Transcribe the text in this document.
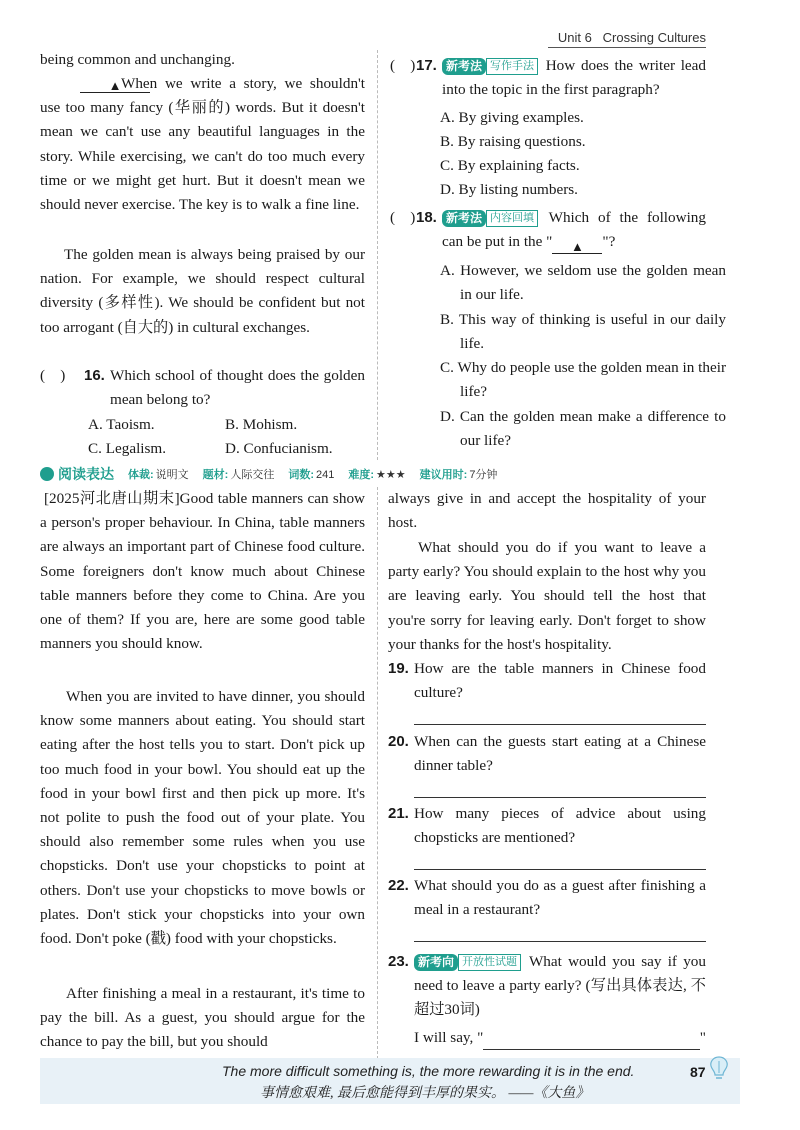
Unit 6 Crossing Cultures
being common and unchanging.
▲ When we write a story, we shouldn't use too many fancy (华丽的) words. But it doesn't mean we can't use any beautiful languages in the story. While exercising, we can't do too much every time or we might get hurt. But it doesn't mean we should never exercise. The key is to walk a fine line.
The golden mean is always being praised by our nation. For example, we should respect cultural diversity (多样性). We should be confident but not too arrogant (自大的) in cultural exchanges.
(    )	16. Which school of thought does the golden mean belong to?
A. Taoism.	B. Mohism.
C. Legalism.	D. Confucianism.
(    ) 17. 新考法 写作手法 How does the writer lead into the topic in the first paragraph?
A. By giving examples.
B. By raising questions.
C. By explaining facts.
D. By listing numbers.
(    ) 18. 新考法 内容回填 Which of the following can be put in the " ▲ "?
A. However, we seldom use the golden mean in our life.
B. This way of thinking is useful in our daily life.
C. Why do people use the golden mean in their life?
D. Can the golden mean make a difference to our life?
阅读表达 体裁: 说明文 题材: 人际交往 词数: 241 难度: ★★★ 建议用时: 7分钟
[2025河北唐山期末]Good table manners can show a person's proper behaviour. In China, table manners are always an important part of Chinese food culture. Some foreigners don't know much about Chinese table manners before they come to China. Are you one of them? If you are, here are some good table manners you should know.
When you are invited to have dinner, you should know some manners about eating. You should start eating after the host tells you to start. Don't pick up too much food in your bowl. You should eat up the food in your bowl first and then pick up more. It's not polite to push the food out of your plate. You should also remember some rules when you use chopsticks. Don't use your chopsticks to point at others. Don't use your chopsticks to move bowls or plates. Don't stick your chopsticks into your own food. Don't poke (戳) food with your chopsticks.
After finishing a meal in a restaurant, it's time to pay the bill. As a guest, you should argue for the chance to pay the bill, but you should
always give in and accept the hospitality of your host.
What should you do if you want to leave a party early? You should explain to the host why you are leaving early. You should tell the host that you're sorry for leaving early. Don't forget to show your thanks for the host's hospitality.
19. How are the table manners in Chinese food culture?
20. When can the guests start eating at a Chinese dinner table?
21. How many pieces of advice about using chopsticks are mentioned?
22. What should you do as a guest after finishing a meal in a restaurant?
23. 新考向 开放性试题 What would you say if you need to leave a party early? (写出具体表达, 不超过30词)
I will say, "	"
The more difficult something is, the more rewarding it is in the end.
事情愈艰难, 最后愈能得到丰厚的果实。 ——《大鱼》
87
